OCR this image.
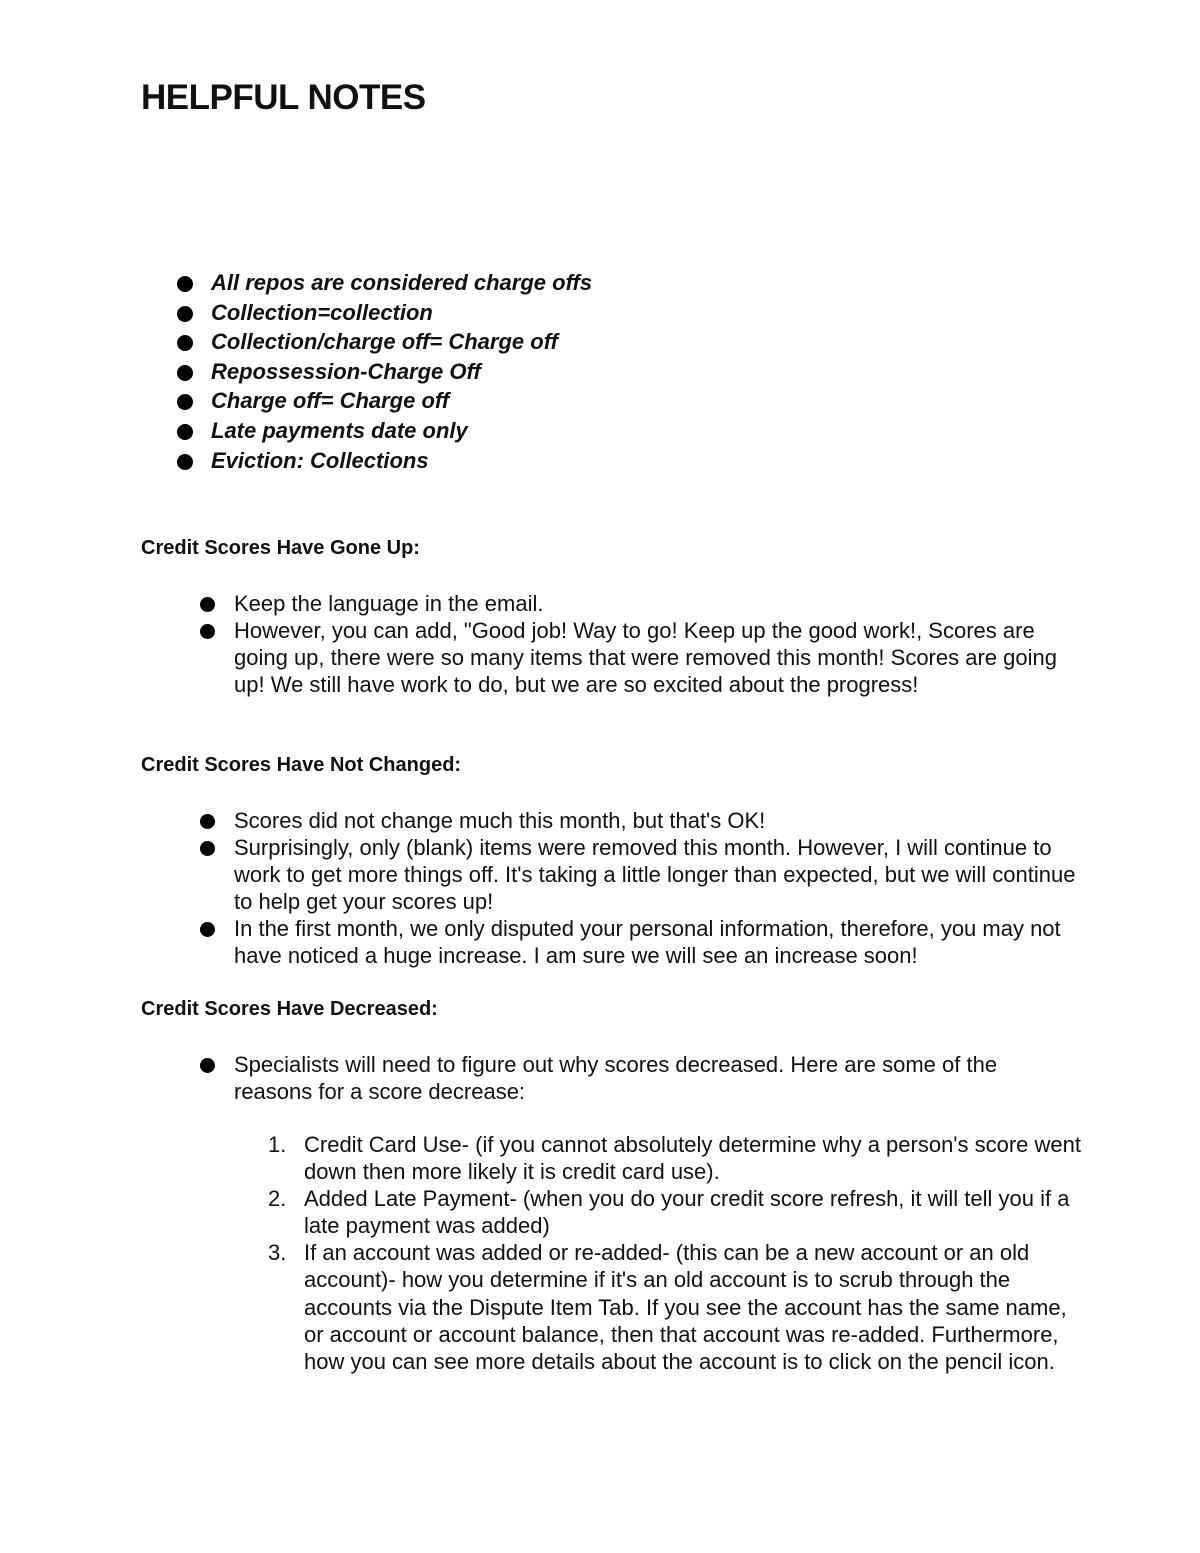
HELPFUL NOTES
All repos are considered charge offs
Collection=collection
Collection/charge off= Charge off
Repossession-Charge Off
Charge off= Charge off
Late payments date only
Eviction: Collections
Credit Scores Have Gone Up:
Keep the language in the email.
However, you can add, "Good job! Way to go! Keep up the good work!, Scores are going up, there were so many items that were removed this month! Scores are going up! We still have work to do, but we are so excited about the progress!
Credit Scores Have Not Changed:
Scores did not change much this month, but that's OK!
Surprisingly, only (blank) items were removed this month. However, I will continue to work to get more things off. It's taking a little longer than expected, but we will continue to help get your scores up!
In the first month, we only disputed your personal information, therefore, you may not have noticed a huge increase. I am sure we will see an increase soon!
Credit Scores Have Decreased:
Specialists will need to figure out why scores decreased. Here are some of the reasons for a score decrease:
1. Credit Card Use- (if you cannot absolutely determine why a person's score went down then more likely it is credit card use).
2. Added Late Payment- (when you do your credit score refresh, it will tell you if a late payment was added)
3. If an account was added or re-added- (this can be a new account or an old account)- how you determine if it's an old account is to scrub through the accounts via the Dispute Item Tab. If you see the account has the same name, or account or account balance, then that account was re-added. Furthermore, how you can see more details about the account is to click on the pencil icon.
